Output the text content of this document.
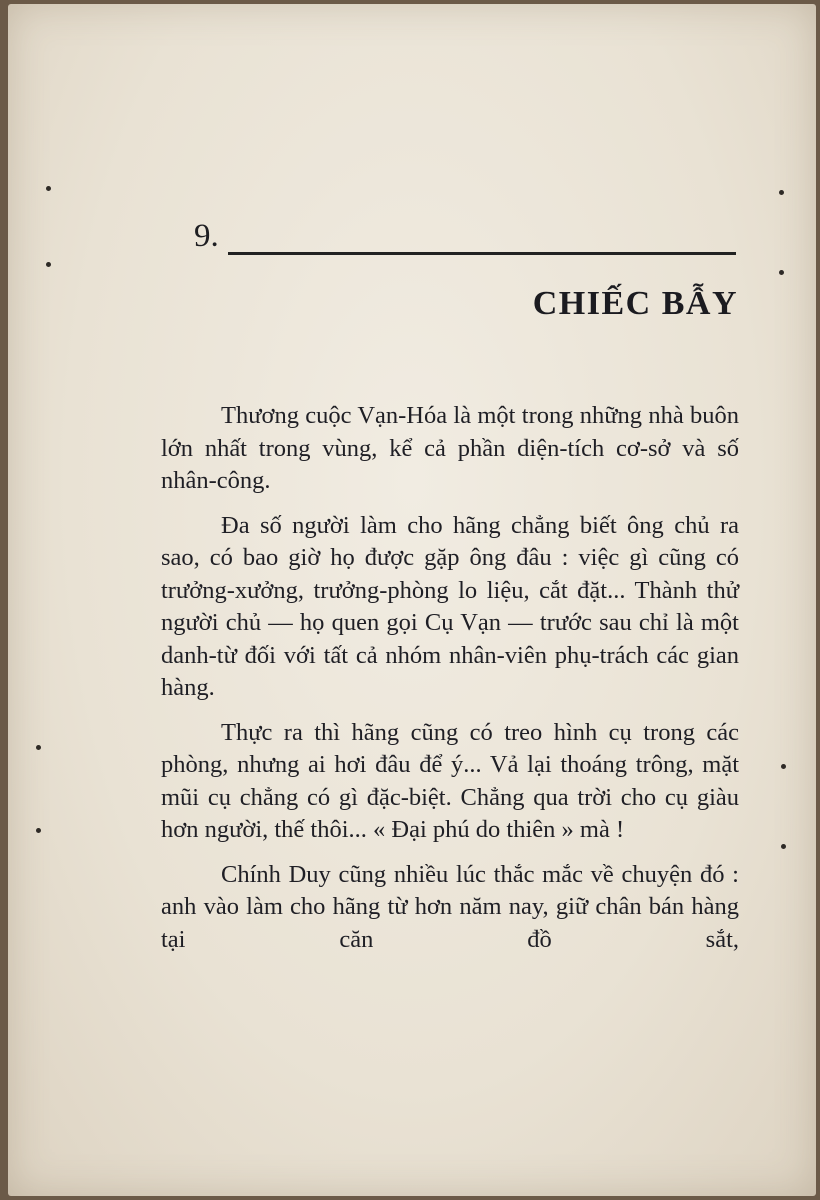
9.
CHIẾC BẪY

Thương cuộc Vạn-Hóa là một trong những nhà buôn lớn nhất trong vùng, kể cả phần diện-tích cơ-sở và số nhân-công.

Đa số người làm cho hãng chẳng biết ông chủ ra sao, có bao giờ họ được gặp ông đâu : việc gì cũng có trưởng-xưởng, trưởng-phòng lo liệu, cắt đặt... Thành thử người chủ — họ quen gọi Cụ Vạn — trước sau chỉ là một danh-từ đối với tất cả nhóm nhân-viên phụ-trách các gian hàng.

Thực ra thì hãng cũng có treo hình cụ trong các phòng, nhưng ai hơi đâu để ý... Vả lại thoáng trông, mặt mũi cụ chẳng có gì đặc-biệt. Chẳng qua trời cho cụ giàu hơn người, thế thôi... « Đại phú do thiên » mà !

Chính Duy cũng nhiều lúc thắc mắc về chuyện đó : anh vào làm cho hãng từ hơn năm nay, giữ chân bán hàng tại căn đồ sắt,
